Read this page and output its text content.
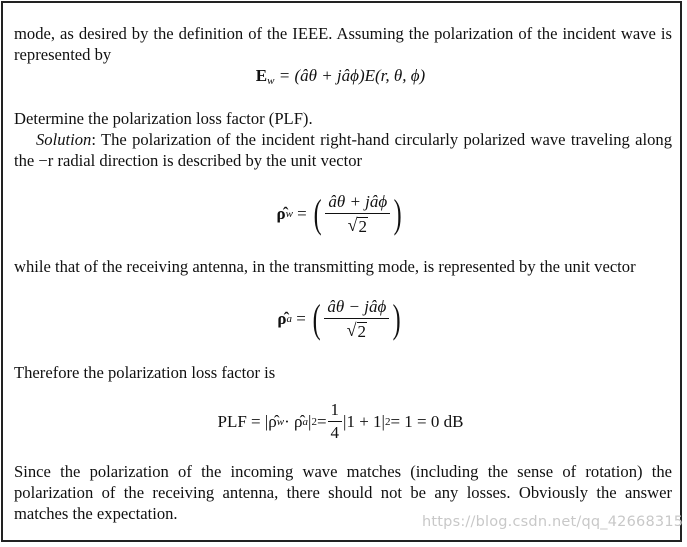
mode, as desired by the definition of the IEEE. Assuming the polarization of the incident wave is represented by

$E_w$ = (âθ + jâϕ)E(r, θ, ϕ)

Determine the polarization loss factor (PLF).

Solution: The polarization of the incident right-hand circularly polarized wave traveling along the −r radial direction is described by the unit vector

ρ̂ w = ( $\frac{\text{âθ + jâϕ}}{√ 2}$ )

while that of the receiving antenna, in the transmitting mode, is represented by the unit vector

ρ̂ a = ( $\frac{\text{âθ − jâϕ}}{√ 2}$ )

Therefore the polarization loss factor is

PLF = |ρ̂ w · ρ̂ a | $2 = \frac{1}{4} |1 + 1|$ 2 = 1 = 0 dB

Since the polarization of the incoming wave matches (including the sense of rotation) the polarization of the receiving antenna, there should not be any losses. Obviously the answer matches the expectation.	https://blog.csdn.net/qq_42668315
